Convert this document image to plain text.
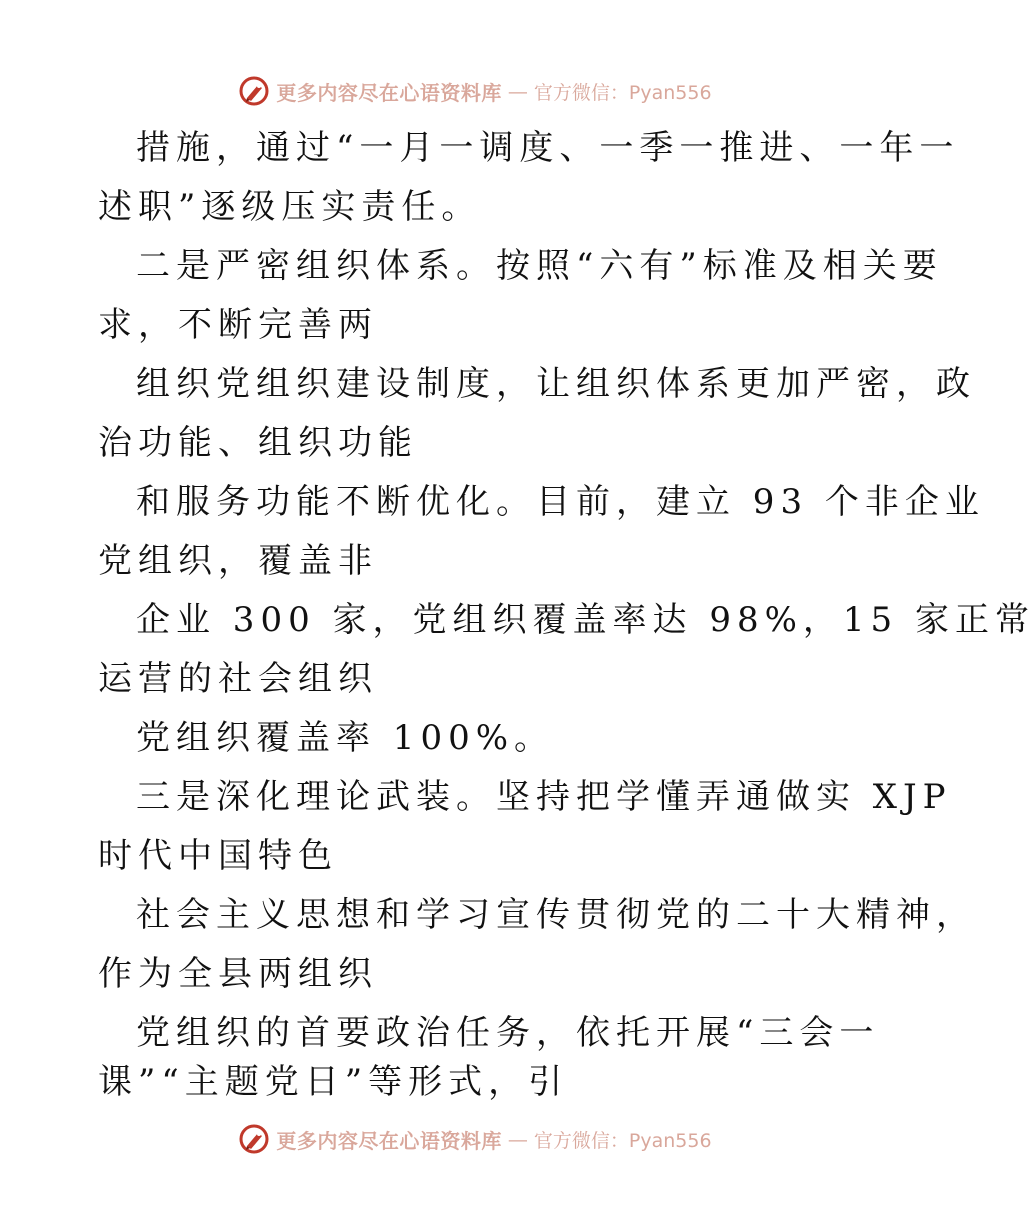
更多内容尽在心语资料库 — 官方微信：Pyan556
措施，通过“一月一调度、一季一推进、一年一
述职”逐级压实责任。
二是严密组织体系。按照“六有”标准及相关要
求，不断完善两
组织党组织建设制度，让组织体系更加严密，政
治功能、组织功能
和服务功能不断优化。目前，建立 93 个非企业
党组织，覆盖非
企业 300 家，党组织覆盖率达 98%，15 家正常
运营的社会组织
党组织覆盖率 100%。
三是深化理论武装。坚持把学懂弄通做实 XJP
时代中国特色
社会主义思想和学习宣传贯彻党的二十大精神，
作为全县两组织
党组织的首要政治任务，依托开展“三会一
课”“主题党日”等形式，引
更多内容尽在心语资料库 — 官方微信：Pyan556
